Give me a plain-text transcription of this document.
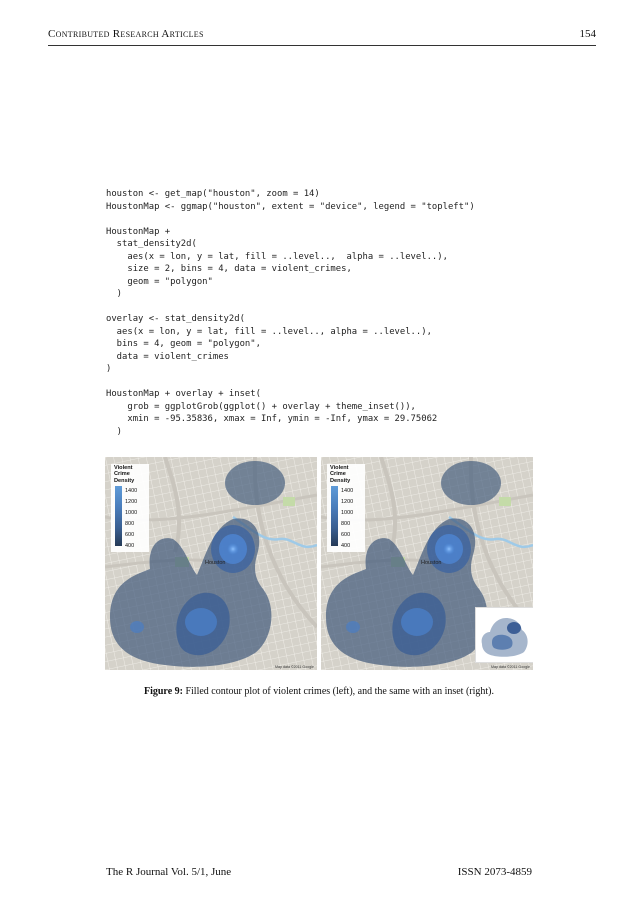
Contributed Research Articles	154
houston <- get_map("houston", zoom = 14)
HoustonMap <- ggmap("houston", extent = "device", legend = "topleft")

HoustonMap +
stat_density2d(
aes(x = lon, y = lat, fill = ..level..,  alpha = ..level..),
size = 2, bins = 4, data = violent_crimes,
geom = "polygon"
)

overlay <- stat_density2d(
aes(x = lon, y = lat, fill = ..level.., alpha = ..level..),
bins = 4, geom = "polygon",
data = violent_crimes
)

HoustonMap + overlay + inset(
grob = ggplotGrob(ggplot() + overlay + theme_inset()),
xmin = -95.35836, xmax = Inf, ymin = -Inf, ymax = 29.75062
)
Houston
Violent
Crime
Density
1400
1200
1000
800
600
400
Map data ©2011 Google
Houston
Violent
Crime
Density
1400
1200
1000
800
600
400
Map data ©2011 Google
Figure 9: Filled contour plot of violent crimes (left), and the same with an inset (right).
The R Journal Vol. 5/1, June	ISSN 2073-4859
